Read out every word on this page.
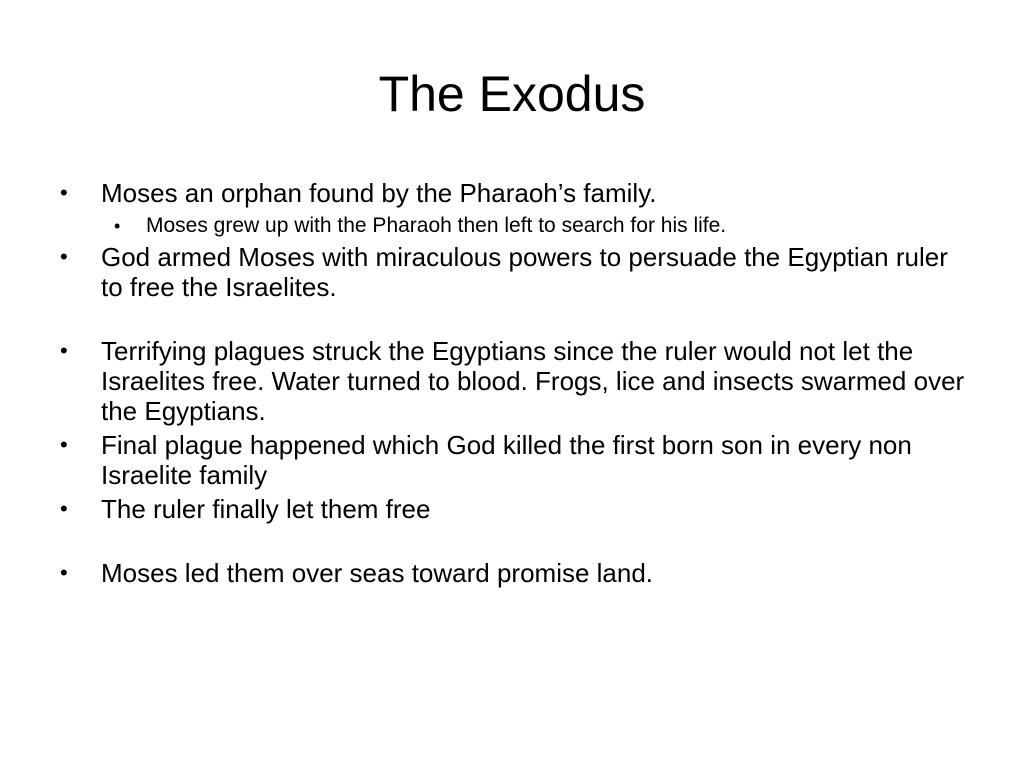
The Exodus
• Moses an orphan found by the Pharaoh’s family.
• Moses grew up with the Pharaoh then left to search for his life.
• God armed Moses with miraculous powers to persuade the Egyptian ruler to free the Israelites.
• Terrifying plagues struck the Egyptians since the ruler would not let the Israelites free. Water turned to blood. Frogs, lice and insects swarmed over the Egyptians.
• Final plague happened which God killed the first born son in every non Israelite family
• The ruler finally let them free
• Moses led them over seas toward promise land.
